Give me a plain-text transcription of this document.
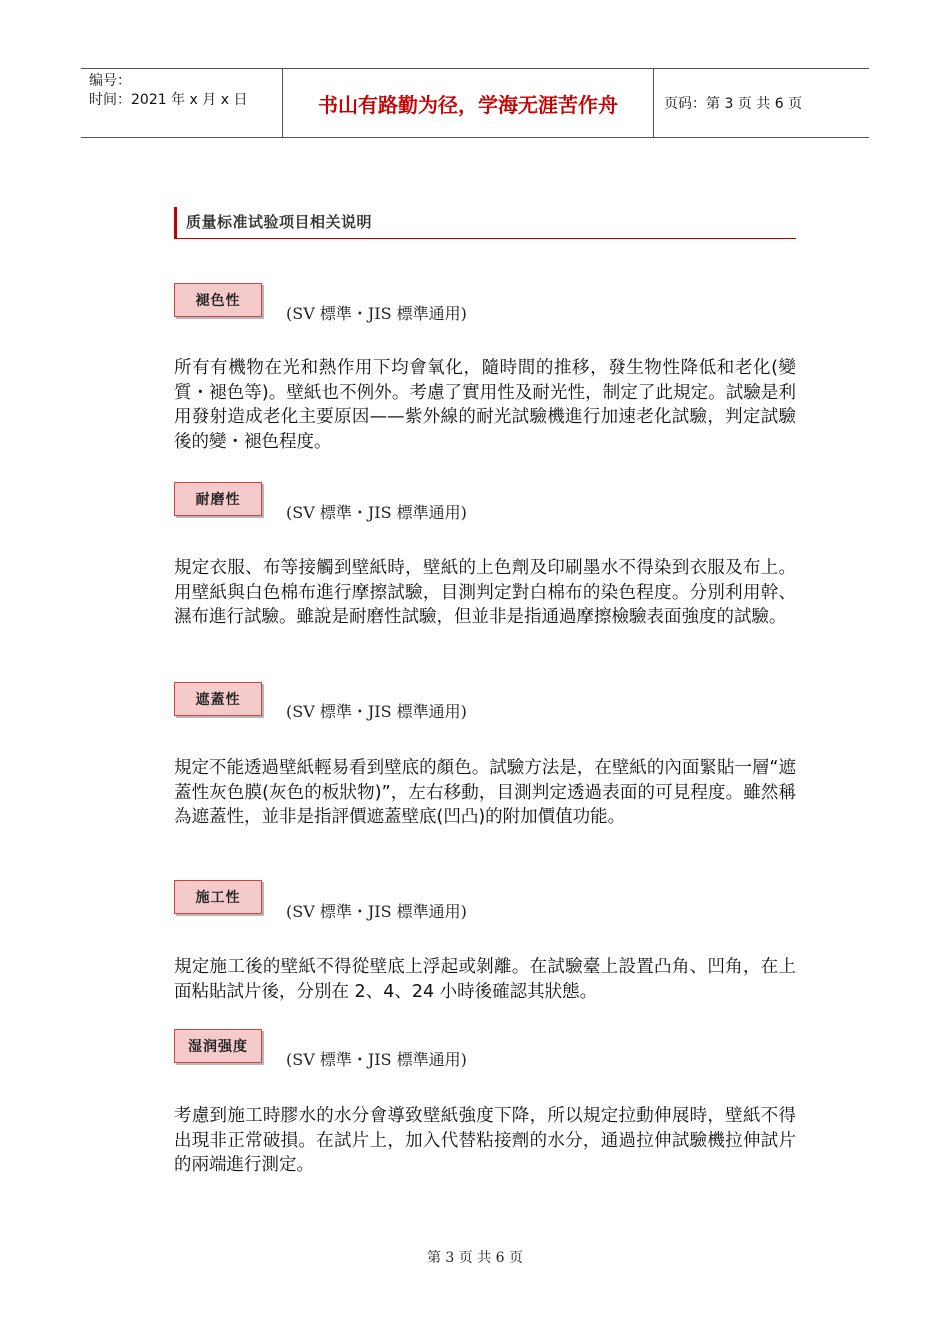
编号：
时间：2021 年 x 月 x 日	书山有路勤为径，学海无涯苦作舟	页码：第 3 页 共 6 页
质量标准试验项目相关说明
褪色性
(SV 標準・JIS 標準通用)
所有有機物在光和熱作用下均會氧化，隨時間的推移，發生物性降低和老化(變質・褪色等)。壁紙也不例外。考慮了實用性及耐光性，制定了此規定。試驗是利用發射造成老化主要原因——紫外線的耐光試驗機進行加速老化試驗，判定試驗後的變・褪色程度。
耐磨性
(SV 標準・JIS 標準通用)
規定衣服、布等接觸到壁紙時，壁紙的上色劑及印刷墨水不得染到衣服及布上。用壁紙與白色棉布進行摩擦試驗，目測判定對白棉布的染色程度。分別利用幹、濕布進行試驗。雖說是耐磨性試驗，但並非是指通過摩擦檢驗表面強度的試驗。
遮蓋性
(SV 標準・JIS 標準通用)
規定不能透過壁紙輕易看到壁底的顏色。試驗方法是，在壁紙的內面緊貼一層“遮蓋性灰色膜(灰色的板狀物)”，左右移動，目測判定透過表面的可見程度。雖然稱為遮蓋性，並非是指評價遮蓋壁底(凹凸)的附加價值功能。
施工性
(SV 標準・JIS 標準通用)
規定施工後的壁紙不得從壁底上浮起或剝離。在試驗臺上設置凸角、凹角，在上面粘貼試片後，分別在 2、4、24 小時後確認其狀態。
湿润强度
(SV 標準・JIS 標準通用)
考慮到施工時膠水的水分會導致壁紙強度下降，所以規定拉動伸展時，壁紙不得出現非正常破損。在試片上，加入代替粘接劑的水分，通過拉伸試驗機拉伸試片的兩端進行測定。
第 3 页 共 6 页
